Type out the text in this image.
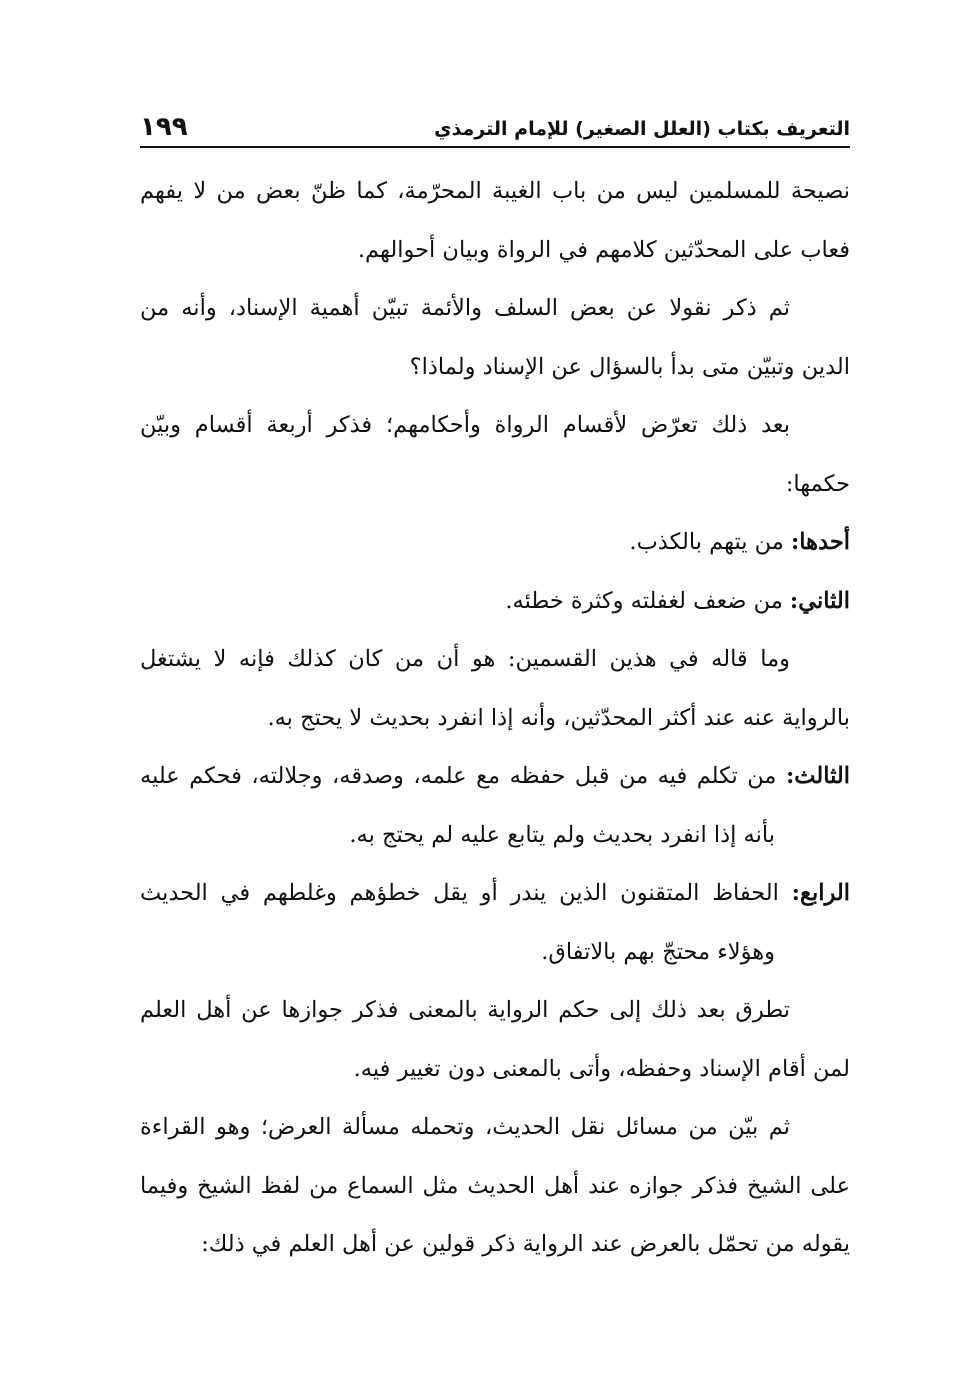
التعريف بكتاب (العلل الصغير) للإمام الترمذي
١٩٩

نصيحة للمسلمين ليس من باب الغيبة المحرّمة، كما ظنّ بعض من لا يفهم فعاب على المحدّثين كلامهم في الرواة وبيان أحوالهم.

ثم ذكر نقولا عن بعض السلف والأئمة تبيّن أهمية الإسناد، وأنه من الدين وتبيّن متى بدأ بالسؤال عن الإسناد ولماذا؟

بعد ذلك تعرّض لأقسام الرواة وأحكامهم؛ فذكر أربعة أقسام وبيّن حكمها:

أحدها: من يتهم بالكذب.

الثاني: من ضعف لغفلته وكثرة خطئه.

وما قاله في هذين القسمين: هو أن من كان كذلك فإنه لا يشتغل بالرواية عنه عند أكثر المحدّثين، وأنه إذا انفرد بحديث لا يحتج به.

الثالث: من تكلم فيه من قبل حفظه مع علمه، وصدقه، وجلالته، فحكم عليه بأنه إذا انفرد بحديث ولم يتابع عليه لم يحتج به.

الرابع: الحفاظ المتقنون الذين يندر أو يقل خطؤهم وغلطهم في الحديث وهؤلاء محتجّ بهم بالاتفاق.

تطرق بعد ذلك إلى حكم الرواية بالمعنى فذكر جوازها عن أهل العلم لمن أقام الإسناد وحفظه، وأتى بالمعنى دون تغيير فيه.

ثم بيّن من مسائل نقل الحديث، وتحمله مسألة العرض؛ وهو القراءة على الشيخ فذكر جوازه عند أهل الحديث مثل السماع من لفظ الشيخ وفيما يقوله من تحمّل بالعرض عند الرواية ذكر قولين عن أهل العلم في ذلك:
